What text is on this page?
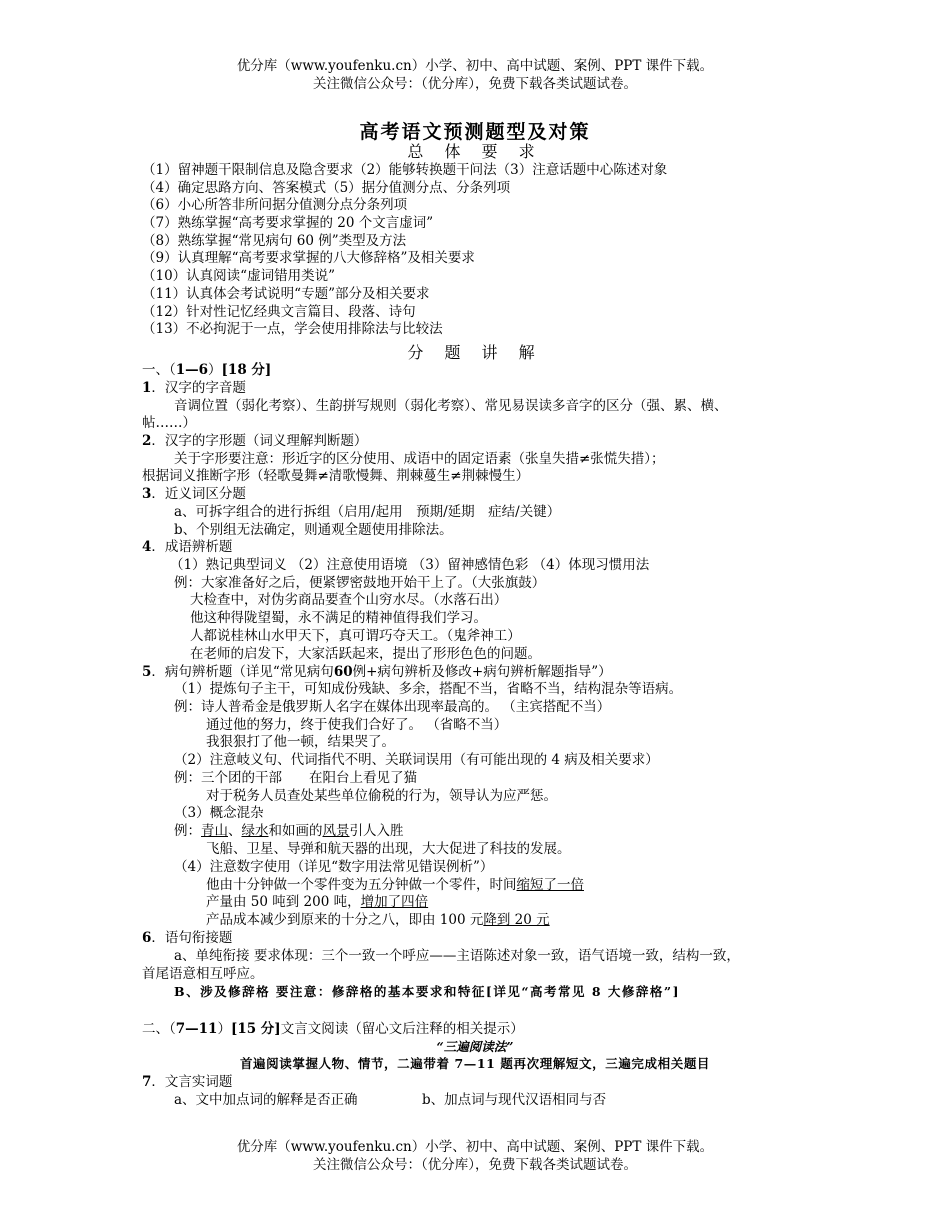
优分库（www.youfenku.cn）小学、初中、高中试题、案例、PPT 课件下载。
关注微信公众号：（优分库），免费下载各类试题试卷。
高考语文预测题型及对策
总 体 要 求
（1）留神题干限制信息及隐含要求（2）能够转换题干问法（3）注意话题中心陈述对象
（4）确定思路方向、答案模式（5）据分值测分点、分条列项
（6）小心所答非所问据分值测分点分条列项
（7）熟练掌握“高考要求掌握的 20 个文言虚词”
（8）熟练掌握“常见病句 60 例”类型及方法
（9）认真理解“高考要求掌握的八大修辞格”及相关要求
（10）认真阅读“虚词错用类说”
（11）认真体会考试说明“专题”部分及相关要求
（12）针对性记忆经典文言篇目、段落、诗句
（13）不必拘泥于一点，学会使用排除法与比较法
分 题 讲 解
一、（1—6）[18 分]
1．汉字的字音题
音调位置（弱化考察）、生韵拼写规则（弱化考察）、常见易误读多音字的区分（强、累、横、
帖……）
2．汉字的字形题（词义理解判断题）
关于字形要注意：形近字的区分使用、成语中的固定语素（张皇失措≠张慌失措）；
根据词义推断字形（轻歌曼舞≠清歌慢舞、荆棘蔓生≠荆棘慢生）
3．近义词区分题
a、可拆字组合的进行拆组（启用/起用　预期/延期　症结/关键）
b、个别组无法确定，则通观全题使用排除法。
4．成语辨析题
（1）熟记典型词义 （2）注意使用语境 （3）留神感情色彩 （4）体现习惯用法
例：大家准备好之后，便紧锣密鼓地开始干上了。（大张旗鼓）
大检查中，对伪劣商品要查个山穷水尽。（水落石出）
他这种得陇望蜀，永不满足的精神值得我们学习。
人都说桂林山水甲天下，真可谓巧夺天工。（鬼斧神工）
在老师的启发下，大家活跃起来，提出了形形色色的问题。
5．病句辨析题（详见“常见病句60例+病句辨析及修改+病句辨析解题指导”）
（1）提炼句子主干，可知成份残缺、多余，搭配不当，省略不当，结构混杂等语病。
例：诗人普希金是俄罗斯人名字在媒体出现率最高的。 （主宾搭配不当）
通过他的努力，终于使我们合好了。 （省略不当）
我狠狠打了他一顿，结果哭了。
（2）注意岐义句、代词指代不明、关联词误用（有可能出现的 4 病及相关要求）
例：三个团的干部　　在阳台上看见了猫
对于税务人员查处某些单位偷税的行为，领导认为应严惩。
（3）概念混杂
例：青山、绿水和如画的风景引人入胜
飞船、卫星、导弹和航天器的出现，大大促进了科技的发展。
（4）注意数字使用（详见“数字用法常见错误例析”）
他由十分钟做一个零件变为五分钟做一个零件，时间缩短了一倍
产量由 50 吨到 200 吨，增加了四倍
产品成本减少到原来的十分之八，即由 100 元降到 20 元
6．语句衔接题
a、单纯衔接 要求体现：三个一致一个呼应——主语陈述对象一致，语气语境一致，结构一致，
首尾语意相互呼应。
B、涉及修辞格 要注意：修辞格的基本要求和特征[详见“高考常见 8 大修辞格”]
二、（7—11）[15 分]文言文阅读（留心文后注释的相关提示）
“三遍阅读法”
首遍阅读掌握人物、情节，二遍带着 7—11 题再次理解短文，三遍完成相关题目
7．文言实词题
a、文中加点词的解释是否正确	b、加点词与现代汉语相同与否
优分库（www.youfenku.cn）小学、初中、高中试题、案例、PPT 课件下载。
关注微信公众号：（优分库），免费下载各类试题试卷。
